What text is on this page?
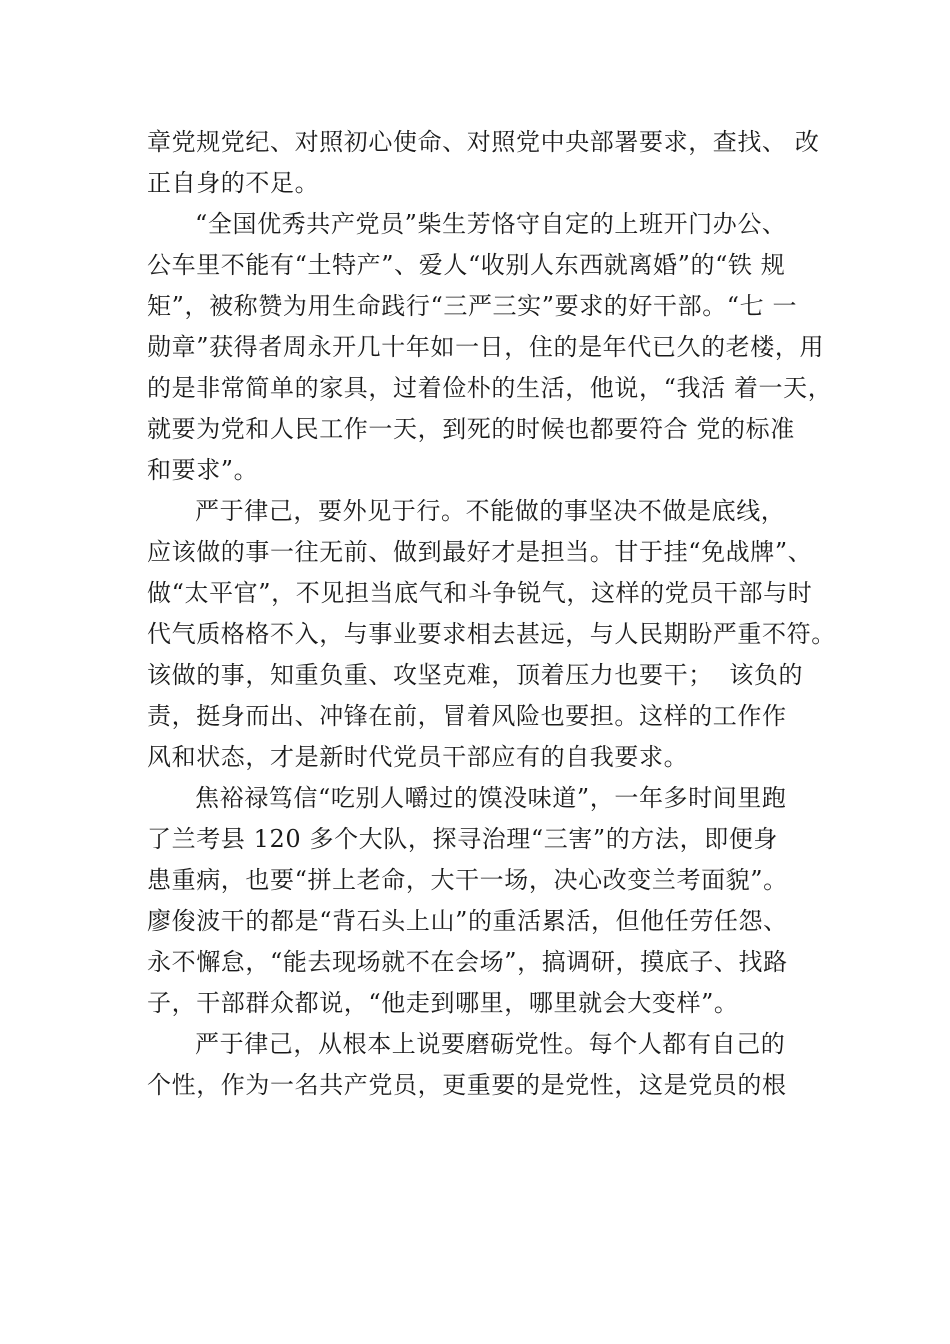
章党规党纪、对照初心使命、对照党中央部署要求，查找、 改
正自身的不足。
“全国优秀共产党员”柴生芳恪守自定的上班开门办公、
公车里不能有“土特产”、爱人“收别人东西就离婚”的“铁 规
矩”，被称赞为用生命践行“三严三实”要求的好干部。“七 一
勋章”获得者周永开几十年如一日，住的是年代已久的老楼，用
的是非常简单的家具，过着俭朴的生活，他说，“我活 着一天，
就要为党和人民工作一天，到死的时候也都要符合 党的标准
和要求”。
严于律己，要外见于行。不能做的事坚决不做是底线，
应该做的事一往无前、做到最好才是担当。甘于挂“免战牌”、
做“太平官”，不见担当底气和斗争锐气，这样的党员干部与时
代气质格格不入，与事业要求相去甚远，与人民期盼严重不符。
该做的事，知重负重、攻坚克难，顶着压力也要干；  该负的
责，挺身而出、冲锋在前，冒着风险也要担。这样的工作作
风和状态，才是新时代党员干部应有的自我要求。
焦裕禄笃信“吃别人嚼过的馍没味道”，一年多时间里跑
了兰考县 120 多个大队，探寻治理“三害”的方法，即便身
患重病，也要“拼上老命，大干一场，决心改变兰考面貌”。
廖俊波干的都是“背石头上山”的重活累活，但他任劳任怨、
永不懈怠，“能去现场就不在会场”，搞调研，摸底子、找路
子，干部群众都说，“他走到哪里，哪里就会大变样”。
严于律己，从根本上说要磨砺党性。每个人都有自己的
个性，作为一名共产党员，更重要的是党性，这是党员的根
